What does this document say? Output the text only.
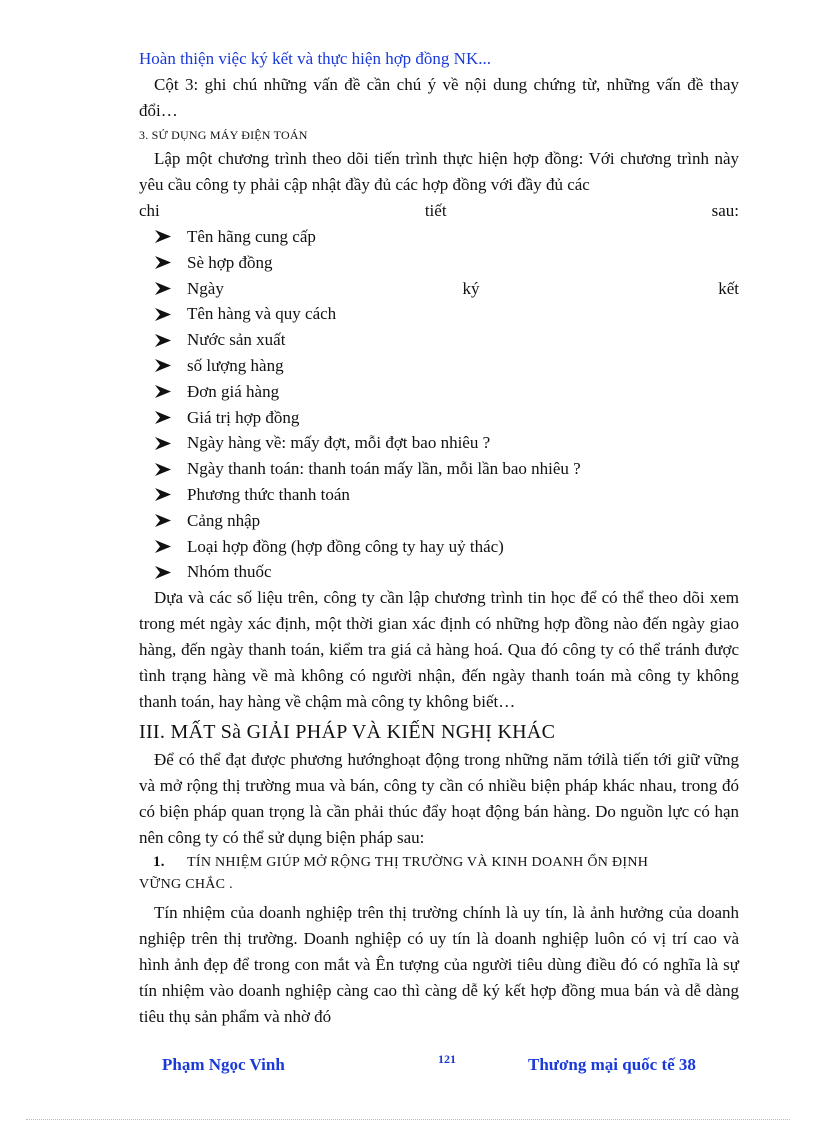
Hoàn thiện việc ký kết và thực hiện hợp đồng NK...

Cột 3: ghi chú những vấn đề cần chú ý về nội dung chứng từ, những vấn đề thay đổi…

3. SỬ DỤNG MÁY ĐIỆN TOÁN

Lập một chương trình theo dõi tiến trình thực hiện hợp đồng: Với chương trình này yêu cầu công ty phải cập nhật đầy đủ các hợp đồng với đầy đủ các

chi	tiết	sau:
Tên hãng cung cấp
Sè hợp đồng
Ngày	ký	kết
Tên hàng và quy cách
Nước sản xuất
số lượng hàng
Đơn giá hàng
Giá trị hợp đồng
Ngày hàng về: mấy đợt, mỗi đợt bao nhiêu ?
Ngày thanh toán: thanh toán mấy lần, mỗi lần bao nhiêu ?
Phương thức thanh toán
Cảng nhập
Loại hợp đồng (hợp đồng công ty hay uỷ thác)
Nhóm thuốc

Dựa và các số liệu trên, công ty cần lập chương trình tin học để có thể theo dõi xem trong mét ngày xác định, một thời gian xác định có những hợp đồng nào đến ngày giao hàng, đến ngày thanh toán, kiểm tra giá cả hàng hoá. Qua đó công ty có thể tránh được tình trạng hàng về mà không có người nhận, đến ngày thanh toán mà công ty không thanh toán, hay hàng về chậm mà công ty không biết…

III. MẤT Sà GIẢI PHÁP VÀ KIẾN NGHỊ KHÁC

Để có thể đạt được phương hướnghoạt động trong những năm tớilà tiến tới giữ vững và mở rộng thị trường mua và bán, công ty cần có nhiều biện pháp khác nhau, trong đó có biện pháp quan trọng là cần phải thúc đẩy hoạt động bán hàng. Do nguồn lực có hạn nên công ty có thể sử dụng biện pháp sau:

1. TÍN NHIỆM GIÚP MỞ RỘNG THỊ TRƯỜNG VÀ KINH DOANH ỔN ĐỊNH

VỮNG CHẮC .

Tín nhiệm của doanh nghiệp trên thị trường chính là uy tín, là ảnh hưởng của doanh nghiệp trên thị trường. Doanh nghiệp có uy tín là doanh nghiệp luôn có vị trí cao và hình ảnh đẹp để trong con mắt và Ên tượng của người tiêu dùng điều đó có nghĩa là sự tín nhiệm vào doanh nghiệp càng cao thì càng dễ ký kết hợp đồng mua bán và dễ dàng tiêu thụ sản phẩm và nhờ đó

Phạm Ngọc Vinh	121	Thương mại quốc tế 38
